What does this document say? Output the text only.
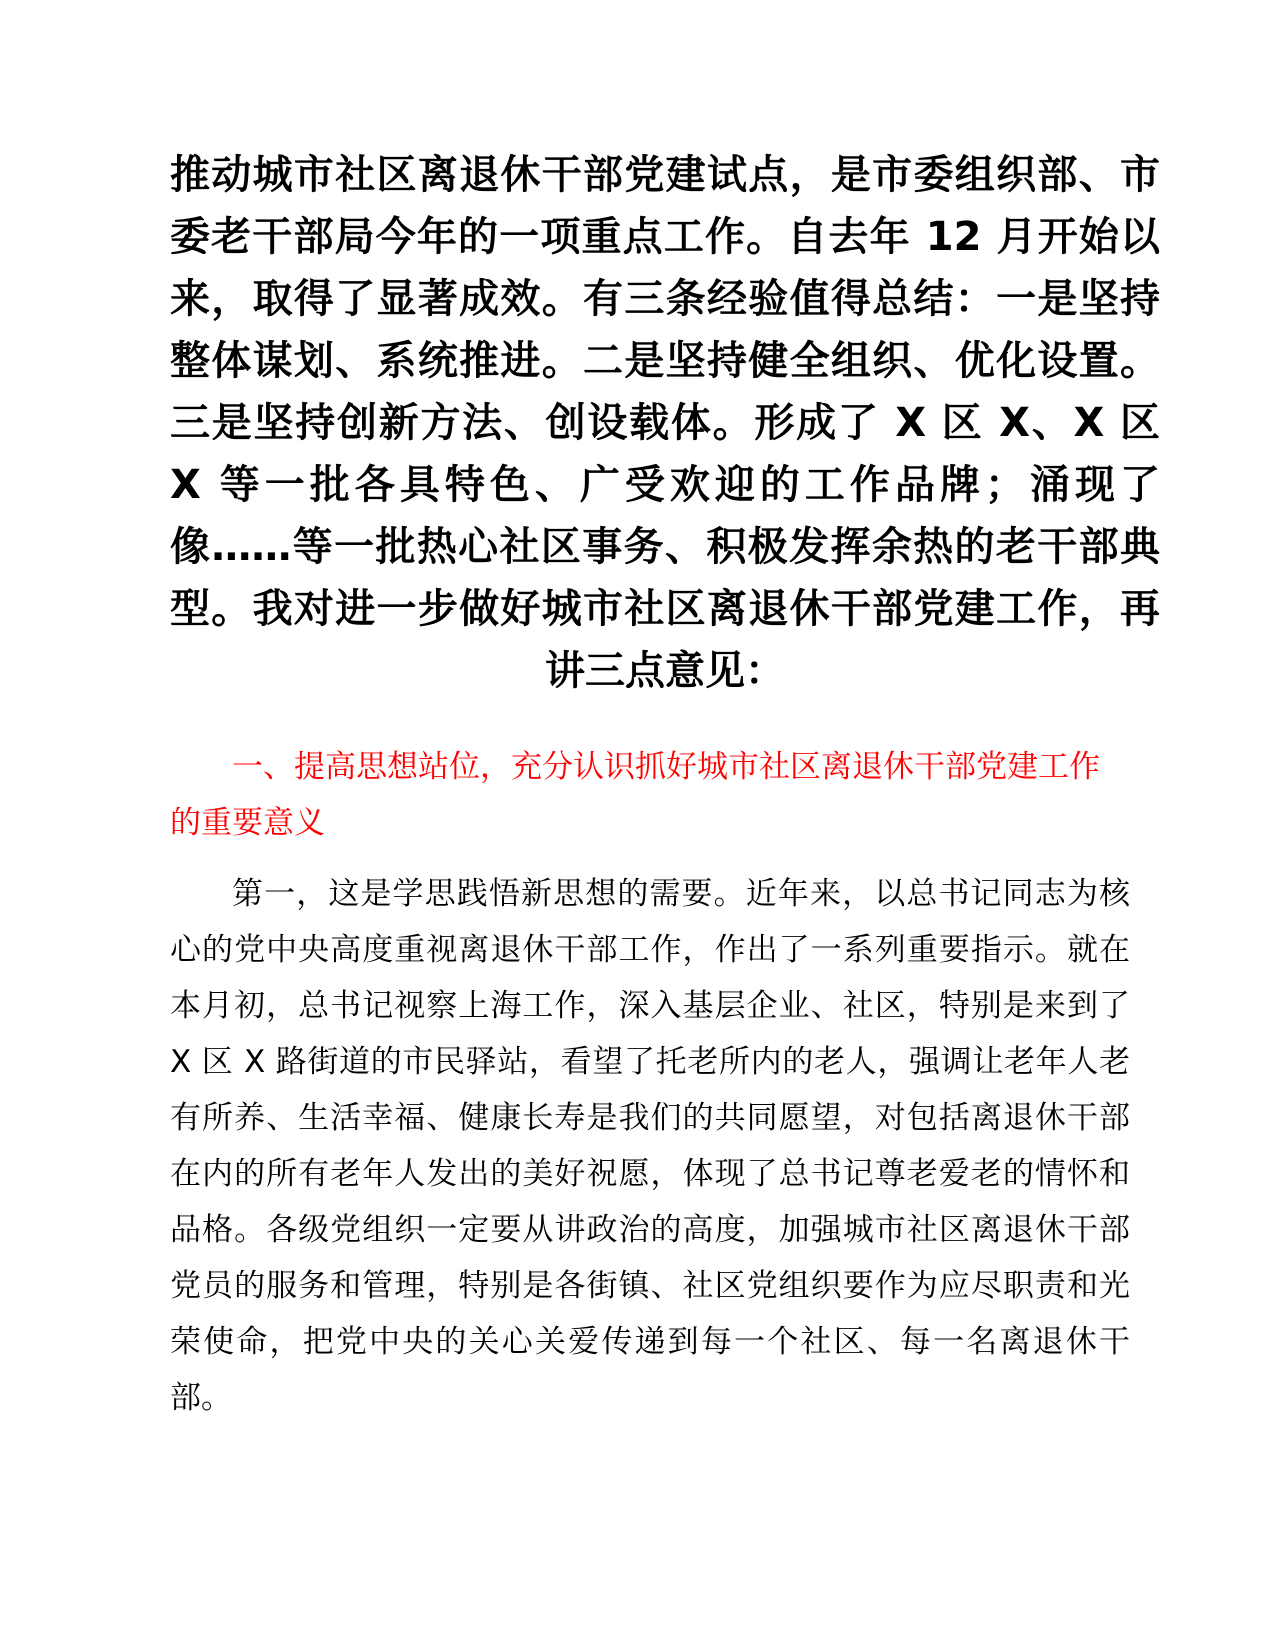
推动城市社区离退休干部党建试点，是市委组织部、市委老干部局今年的一项重点工作。自去年 12 月开始以来，取得了显著成效。有三条经验值得总结：一是坚持整体谋划、系统推进。二是坚持健全组织、优化设置。三是坚持创新方法、创设载体。形成了 X 区 X、X 区 X 等一批各具特色、广受欢迎的工作品牌；涌现了像……等一批热心社区事务、积极发挥余热的老干部典型。我对进一步做好城市社区离退休干部党建工作，再讲三点意见：

一、提高思想站位，充分认识抓好城市社区离退休干部党建工作的重要意义

第一，这是学思践悟新思想的需要。近年来，以总书记同志为核心的党中央高度重视离退休干部工作，作出了一系列重要指示。就在本月初，总书记视察上海工作，深入基层企业、社区，特别是来到了 X 区 X 路街道的市民驿站，看望了托老所内的老人，强调让老年人老有所养、生活幸福、健康长寿是我们的共同愿望，对包括离退休干部在内的所有老年人发出的美好祝愿，体现了总书记尊老爱老的情怀和品格。各级党组织一定要从讲政治的高度，加强城市社区离退休干部党员的服务和管理，特别是各街镇、社区党组织要作为应尽职责和光荣使命，把党中央的关心关爱传递到每一个社区、每一名离退休干部。
